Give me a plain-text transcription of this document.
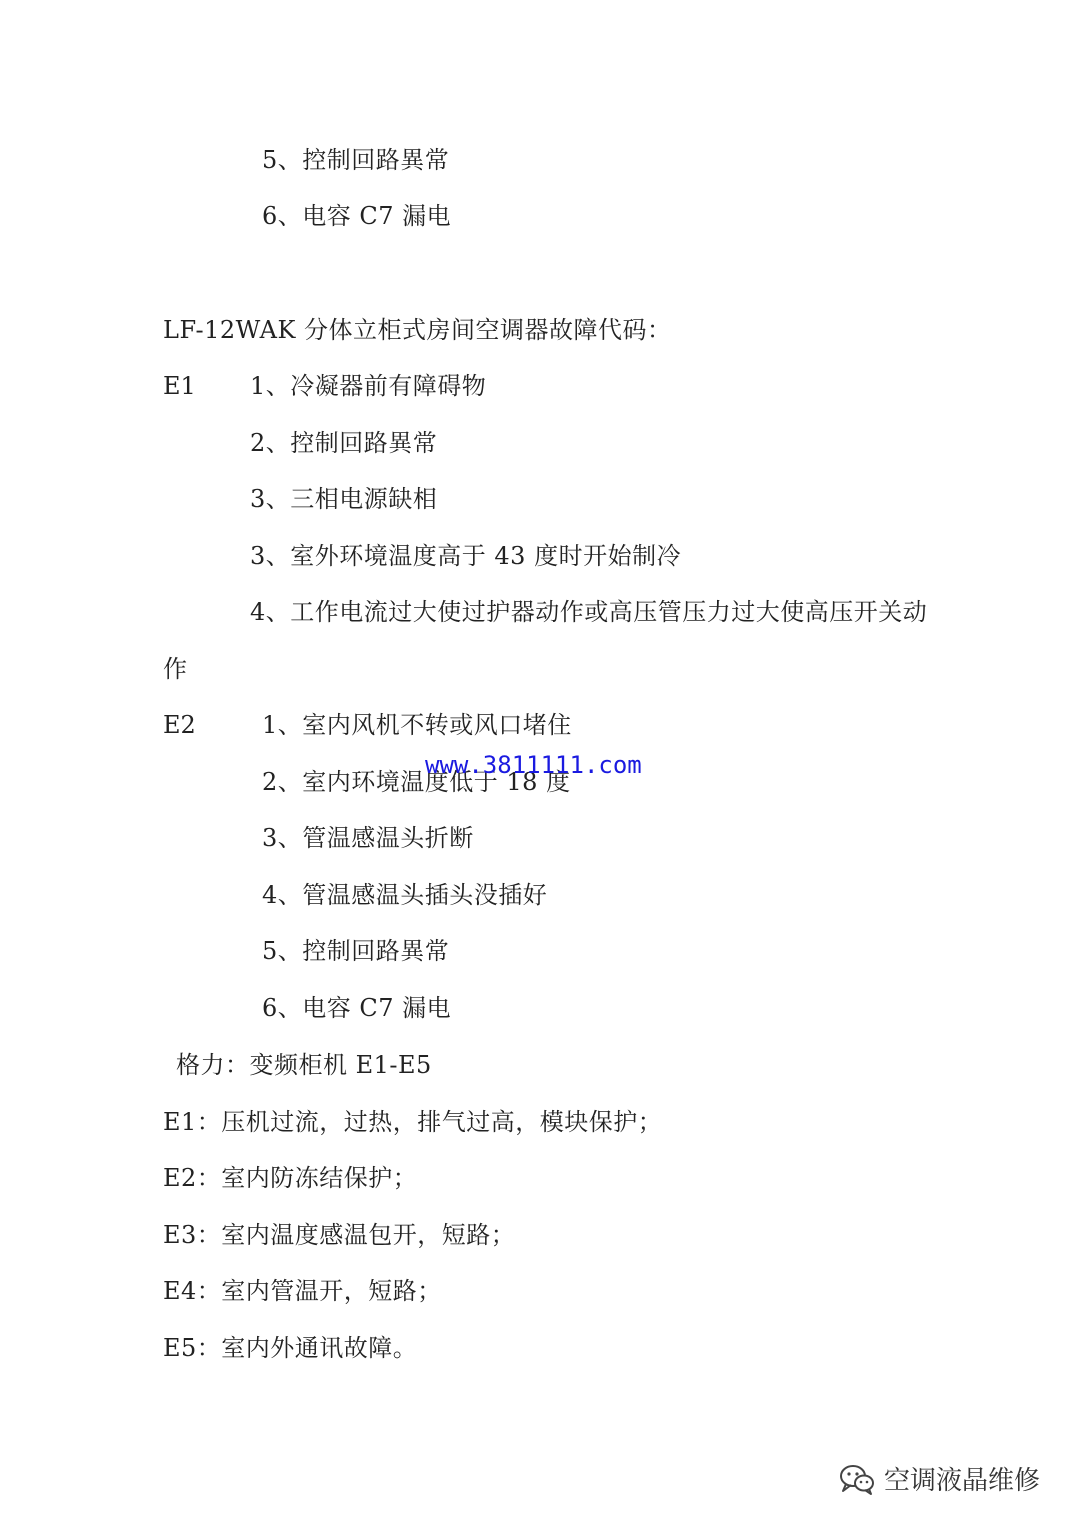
5、控制回路異常
6、电容 C7 漏电
LF-12WAK 分体立柜式房间空调器故障代码：
E1 1、冷凝器前有障碍物
2、控制回路異常
3、三相电源缺相
3、室外环境温度高于 43 度时开始制冷
4、工作电流过大使过护器动作或高压管压力过大使高压开关动
作
E2	1、室内风机不转或风口堵住
2、室内环境温度低于 18 度
3、管温感温头折断
4、管温感温头插头没插好
5、控制回路異常
6、电容 C7 漏电
www.3811111.com
格力：变频柜机 E1-E5
E1：压机过流，过热，排气过高，模块保护；
E2：室内防冻结保护；
E3：室内温度感温包开，短路；
E4：室内管温开，短路；
E5：室内外通讯故障。
空调液晶维修
